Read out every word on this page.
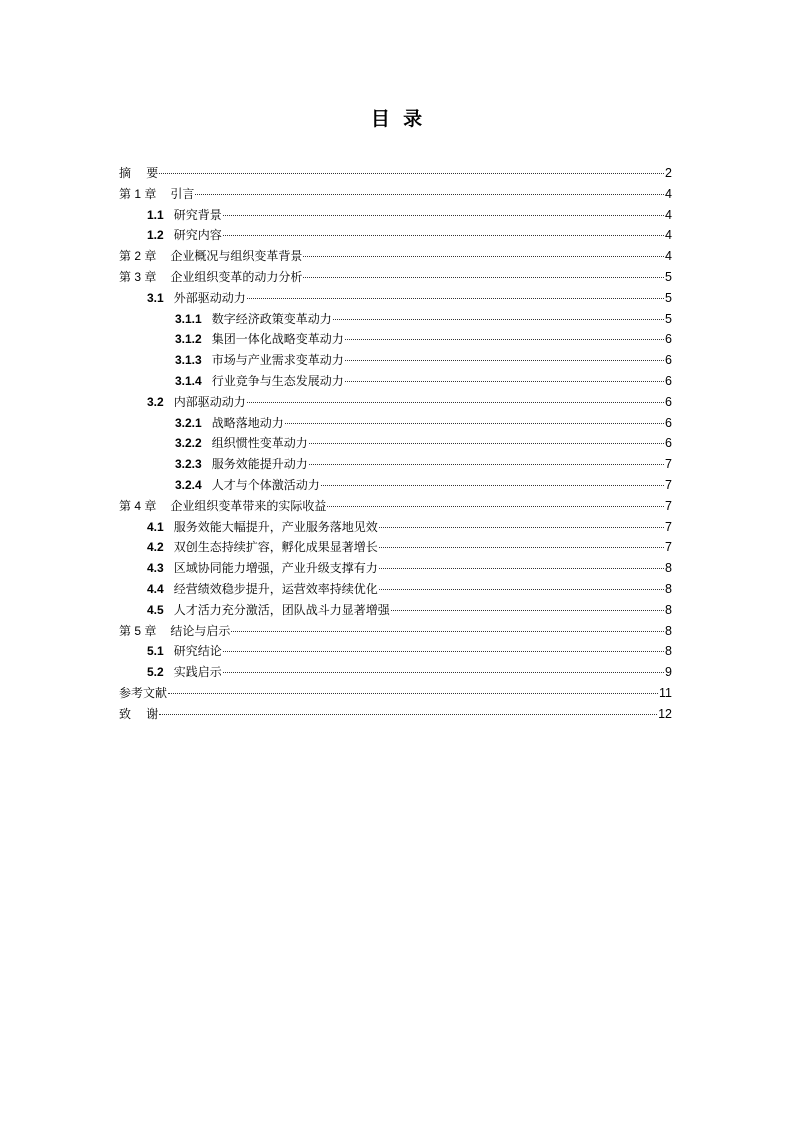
目  录
摘    要	2
第 1 章 引言	4
1.1 研究背景	4
1.2 研究内容	4
第 2 章 企业概况与组织变革背景	4
第 3 章 企业组织变革的动力分析	5
3.1 外部驱动动力	5
3.1.1 数字经济政策变革动力	5
3.1.2 集团一体化战略变革动力	6
3.1.3 市场与产业需求变革动力	6
3.1.4 行业竞争与生态发展动力	6
3.2 内部驱动动力	6
3.2.1 战略落地动力	6
3.2.2 组织惯性变革动力	6
3.2.3 服务效能提升动力	7
3.2.4 人才与个体激活动力	7
第 4 章 企业组织变革带来的实际收益	7
4.1 服务效能大幅提升，产业服务落地见效	7
4.2 双创生态持续扩容，孵化成果显著增长	7
4.3 区域协同能力增强，产业升级支撑有力	8
4.4 经营绩效稳步提升，运营效率持续优化	8
4.5 人才活力充分激活，团队战斗力显著增强	8
第 5 章 结论与启示	8
5.1 研究结论	8
5.2 实践启示	9
参考文献	11
致    谢	12
